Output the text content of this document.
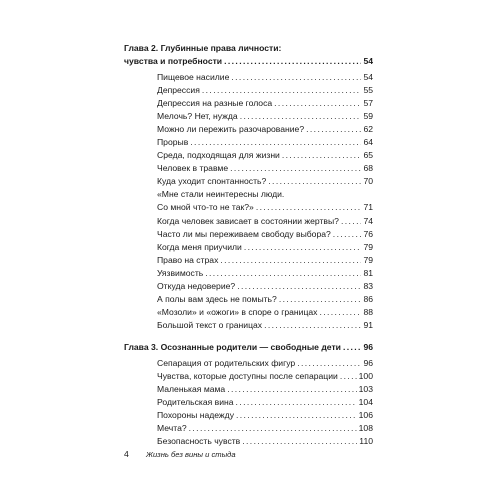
Глава 2. Глубинные права личности:
чувства и потребности . . .	54
Пищевое насилие . . .	54
Депрессия . . .	55
Депрессия на разные голоса . . .	57
Мелочь? Нет, нужда . . .	59
Можно ли пережить разочарование? . . .	62
Прорыв . . .	64
Среда, подходящая для жизни . . .	65
Человек в травме . . .	68
Куда уходит спонтанность? . . .	70
«Мне стали неинтересны люди.
Со мной что-то не так?» . . .	71
Когда человек зависает в состоянии жертвы? . . .	74
Часто ли мы переживаем свободу выбора? . . .	76
Когда меня приучили . . .	79
Право на страх . . .	79
Уязвимость . . .	81
Откуда недоверие? . . .	83
А полы вам здесь не помыть? . . .	86
«Мозоли» и «ожоги» в споре о границах . . .	88
Большой текст о границах . . .	91
Глава 3. Осознанные родители — свободные дети . . .	96
Сепарация от родительских фигур . . .	96
Чувства, которые доступны после сепарации . . . 100
Маленькая мама . . .	103
Родительская вина . . .	104
Похороны надежду . . .	106
Мечта? . . .	108
Безопасность чувств . . .	110
4 Жизнь без вины и стыда
